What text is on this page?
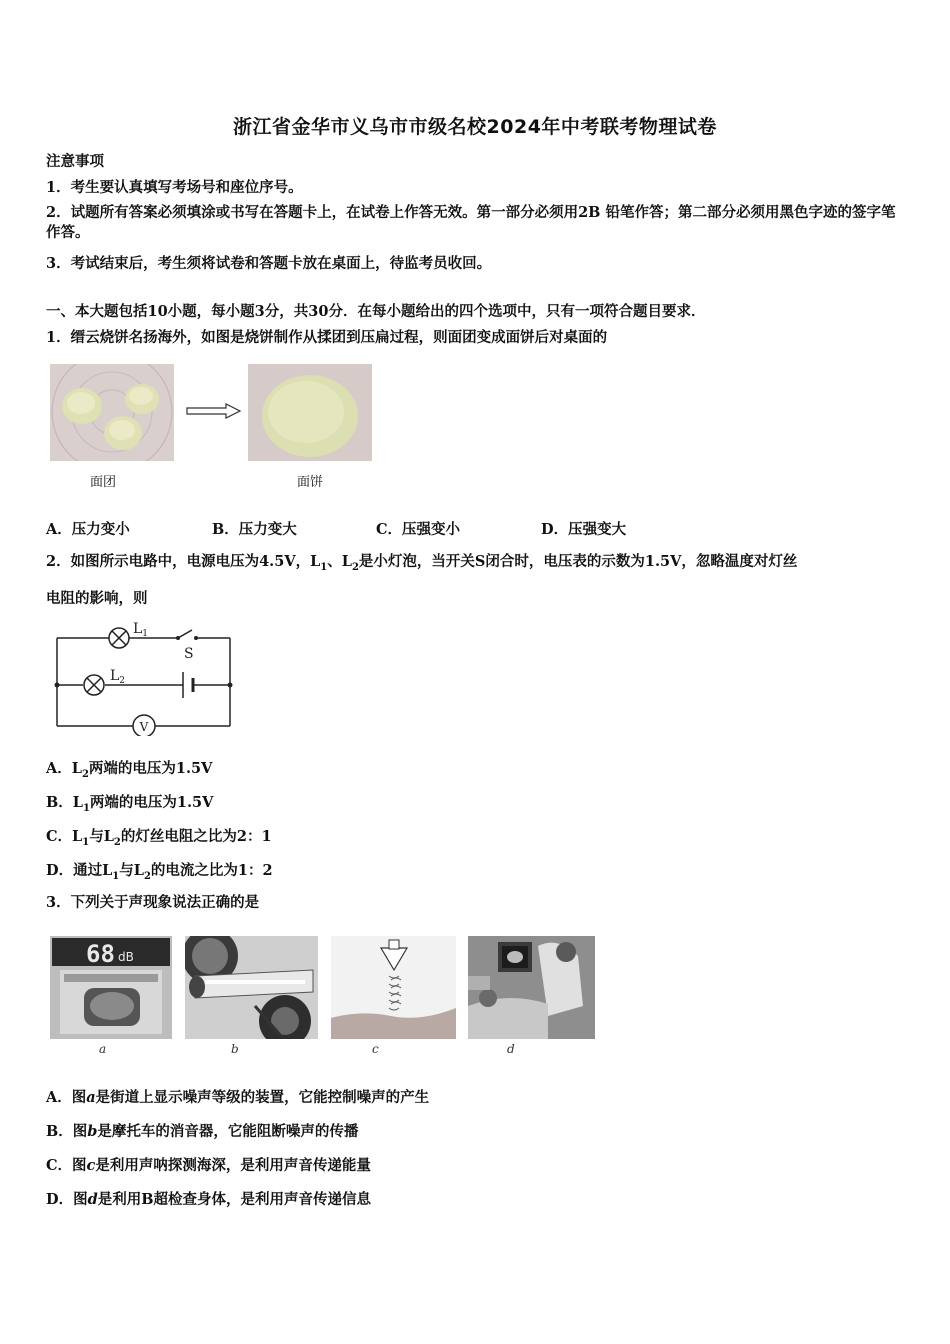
浙江省金华市义乌市市级名校2024年中考联考物理试卷
注意事项
1．考生要认真填写考场号和座位序号。
2．试题所有答案必须填涂或书写在答题卡上，在试卷上作答无效。第一部分必须用2B 铅笔作答；第二部分必须用黑色字迹的签字笔作答。
3．考试结束后，考生须将试卷和答题卡放在桌面上，待监考员收回。
一、本大题包括10小题，每小题3分，共30分．在每小题给出的四个选项中，只有一项符合题目要求．
1．缙云烧饼名扬海外，如图是烧饼制作从揉团到压扁过程，则面团变成面饼后对桌面的
面团	面饼
A．压力变小	B．压力变大	C．压强变小	D．压强变大
2．如图所示电路中，电源电压为4.5V，$L_1$、$L_2$是小灯泡，当开关S闭合时，电压表的示数为1.5V，忽略温度对灯丝
电阻的影响，则
$L_1$
S
$L_2$
V
A．$L_2$两端的电压为1.5V
B．$L_1$两端的电压为1.5V
C．$L_1$与$L_2$的灯丝电阻之比为2：1
D．通过$L_1$与$L_2$的电流之比为1：2
3．下列关于声现象说法正确的是
68 dB
a	b	c	d
A．图a是街道上显示噪声等级的装置，它能控制噪声的产生
B．图b是摩托车的消音器，它能阻断噪声的传播
C．图c是利用声呐探测海深，是利用声音传递能量
D．图d是利用B超检查身体，是利用声音传递信息
